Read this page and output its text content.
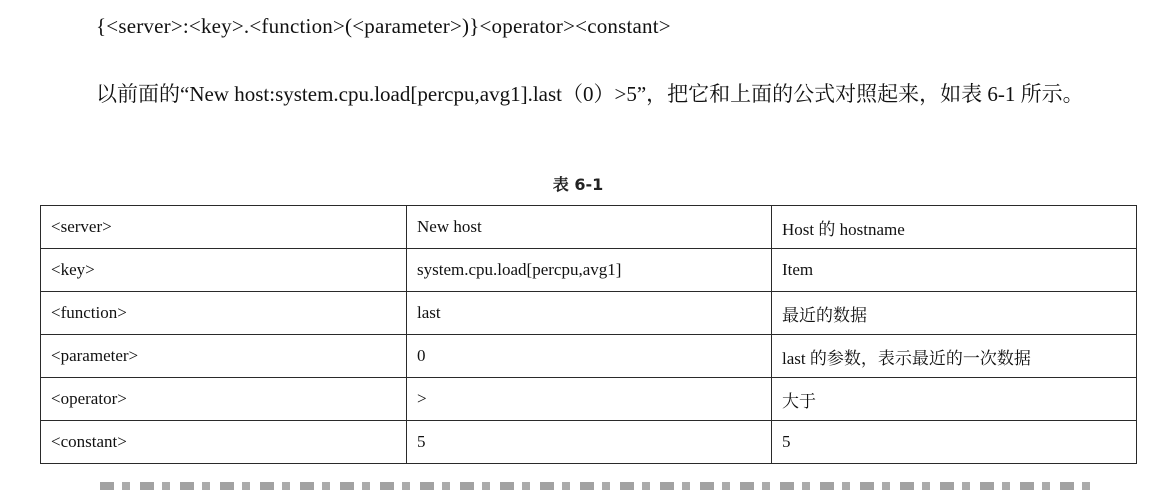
{<server>:<key>.<function>(<parameter>)}<operator><constant>
以前面的“New host:system.cpu.load[percpu,avg1].last（0）>5”，把它和上面的公式对照起来，如表 6-1 所示。
表 6-1
<server>	New host	Host 的 hostname
<key>	system.cpu.load[percpu,avg1]	Item
<function>	last	最近的数据
<parameter>	0	last 的参数，表示最近的一次数据
<operator>	>	大于
<constant>	5	5
